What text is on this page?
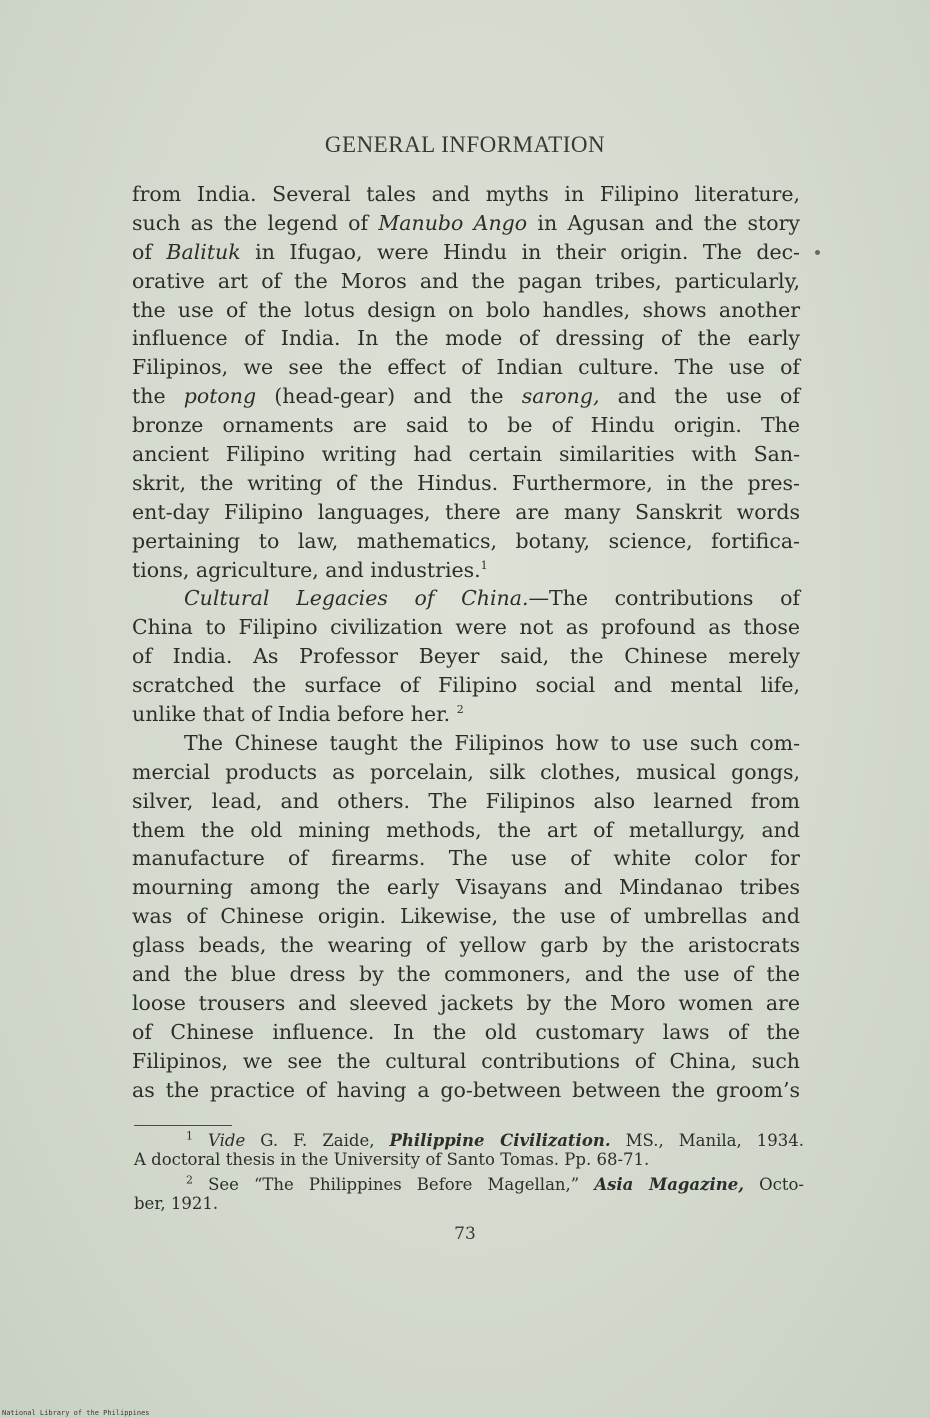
GENERAL INFORMATION
from India. Several tales and myths in Filipino literature,
such as the legend of Manubo Ango in Agusan and the story
of Balituk in Ifugao, were Hindu in their origin. The dec-
orative art of the Moros and the pagan tribes, particularly,
the use of the lotus design on bolo handles, shows another
influence of India. In the mode of dressing of the early
Filipinos, we see the effect of Indian culture. The use of
the potong (head-gear) and the sarong, and the use of
bronze ornaments are said to be of Hindu origin. The
ancient Filipino writing had certain similarities with San-
skrit, the writing of the Hindus. Furthermore, in the pres-
ent-day Filipino languages, there are many Sanskrit words
pertaining to law, mathematics, botany, science, fortifica-
tions, agriculture, and industries.$^1$
Cultural Legacies of China.—The contributions of
China to Filipino civilization were not as profound as those
of India. As Professor Beyer said, the Chinese merely
scratched the surface of Filipino social and mental life,
unlike that of India before her. $^2$
The Chinese taught the Filipinos how to use such com-
mercial products as porcelain, silk clothes, musical gongs,
silver, lead, and others. The Filipinos also learned from
them the old mining methods, the art of metallurgy, and
manufacture of firearms. The use of white color for
mourning among the early Visayans and Mindanao tribes
was of Chinese origin. Likewise, the use of umbrellas and
glass beads, the wearing of yellow garb by the aristocrats
and the blue dress by the commoners, and the use of the
loose trousers and sleeved jackets by the Moro women are
of Chinese influence. In the old customary laws of the
Filipinos, we see the cultural contributions of China, such
as the practice of having a go-between between the groom’s
$^1$ Vide G. F. Zaide, Philippine Civilization. MS., Manila, 1934.
A doctoral thesis in the University of Santo Tomas. Pp. 68-71.
$^2$ See “The Philippines Before Magellan,” Asia Magazine, Octo-
ber, 1921.
73
National Library of the Philippines
